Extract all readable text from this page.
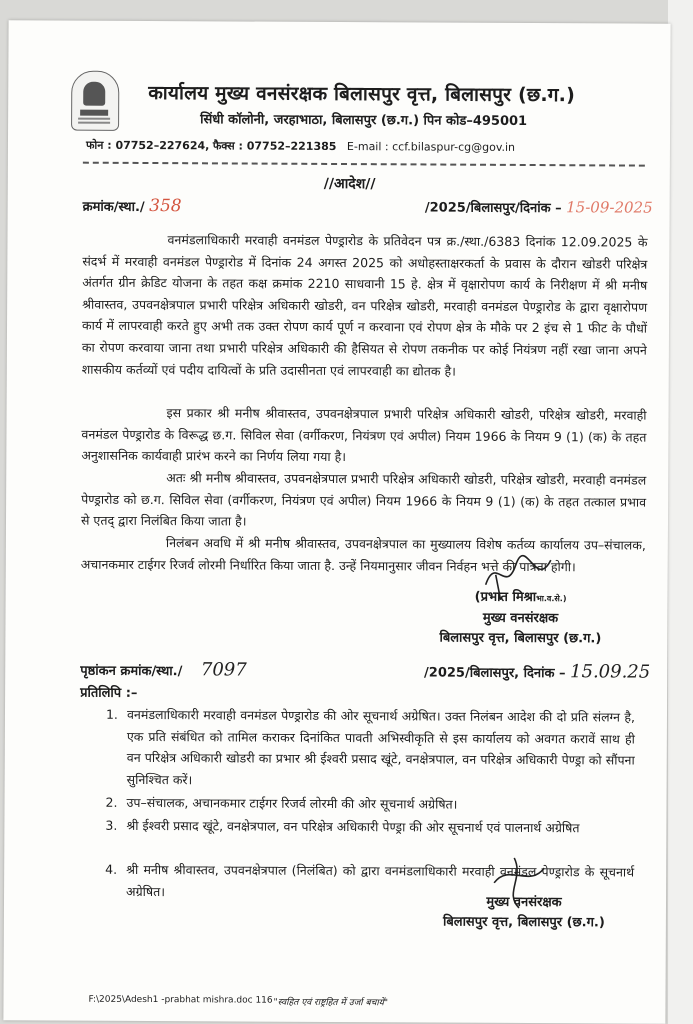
कार्यालय मुख्य वनसंरक्षक बिलासपुर वृत्त, बिलासपुर (छ.ग.)
सिंधी कॉलोनी, जरहाभाठा, बिलासपुर (छ.ग.) पिन कोड–495001
फोन : 07752–227624, फैक्स : 07752–221385 E-mail : ccf.bilaspur-cg@gov.in
//आदेश//
क्रमांक/स्था./ 358	/2025/बिलासपुर/दिनांक – 15-09-2025
वनमंडलाधिकारी मरवाही वनमंडल पेण्ड्रारोड के प्रतिवेदन पत्र क्र./स्था./6383 दिनांक 12.09.2025 के संदर्भ में मरवाही वनमंडल पेण्ड्रारोड में दिनांक 24 अगस्त 2025 को अधोहस्ताक्षरकर्ता के प्रवास के दौरान खोडरी परिक्षेत्र अंतर्गत ग्रीन क्रेडिट योजना के तहत कक्ष क्रमांक 2210 साधवानी 15 हे. क्षेत्र में वृक्षारोपण कार्य के निरीक्षण में श्री मनीष श्रीवास्तव, उपवनक्षेत्रपाल प्रभारी परिक्षेत्र अधिकारी खोडरी, वन परिक्षेत्र खोडरी, मरवाही वनमंडल पेण्ड्रारोड के द्वारा वृक्षारोपण कार्य में लापरवाही करते हुए अभी तक उक्त रोपण कार्य पूर्ण न करवाना एवं रोपण क्षेत्र के मौके पर 2 इंच से 1 फीट के पौधों का रोपण करवाया जाना तथा प्रभारी परिक्षेत्र अधिकारी की हैसियत से रोपण तकनीक पर कोई नियंत्रण नहीं रखा जाना अपने शासकीय कर्तव्यों एवं पदीय दायित्वों के प्रति उदासीनता एवं लापरवाही का द्योतक है।
इस प्रकार श्री मनीष श्रीवास्तव, उपवनक्षेत्रपाल प्रभारी परिक्षेत्र अधिकारी खोडरी, परिक्षेत्र खोडरी, मरवाही वनमंडल पेण्ड्रारोड के विरूद्ध छ.ग. सिविल सेवा (वर्गीकरण, नियंत्रण एवं अपील) नियम 1966 के नियम 9 (1) (क) के तहत अनुशासनिक कार्यवाही प्रारंभ करने का निर्णय लिया गया है।
अतः श्री मनीष श्रीवास्तव, उपवनक्षेत्रपाल प्रभारी परिक्षेत्र अधिकारी खोडरी, परिक्षेत्र खोडरी, मरवाही वनमंडल पेण्ड्रारोड को छ.ग. सिविल सेवा (वर्गीकरण, नियंत्रण एवं अपील) नियम 1966 के नियम 9 (1) (क) के तहत तत्काल प्रभाव से एतद् द्वारा निलंबित किया जाता है।
निलंबन अवधि में श्री मनीष श्रीवास्तव, उपवनक्षेत्रपाल का मुख्यालय विशेष कर्तव्य कार्यालय उप–संचालक, अचानकमार टाईगर रिजर्व लोरमी निर्धारित किया जाता है. उन्हें नियमानुसार जीवन निर्वहन भत्ते की पात्रता होगी।
(प्रभात मिश्राभा.व.से.)
मुख्य वनसंरक्षक
बिलासपुर वृत्त, बिलासपुर (छ.ग.)
पृष्ठांकन क्रमांक/स्था./ 7097	/2025/बिलासपुर, दिनांक – 15.09.25
प्रतिलिपि :–
1. वनमंडलाधिकारी मरवाही वनमंडल पेण्ड्रारोड की ओर सूचनार्थ अग्रेषित। उक्त निलंबन आदेश की दो प्रति संलग्न है, एक प्रति संबंधित को तामिल कराकर दिनांकित पावती अभिस्वीकृति से इस कार्यालय को अवगत करावें साथ ही वन परिक्षेत्र अधिकारी खोडरी का प्रभार श्री ईश्वरी प्रसाद खूंटे, वनक्षेत्रपाल, वन परिक्षेत्र अधिकारी पेण्ड्रा को सौंपना सुनिश्चित करें।
2. उप–संचालक, अचानकमार टाईगर रिजर्व लोरमी की ओर सूचनार्थ अग्रेषित।
3. श्री ईश्वरी प्रसाद खूंटे, वनक्षेत्रपाल, वन परिक्षेत्र अधिकारी पेण्ड्रा की ओर सूचनार्थ एवं पालनार्थ अग्रेषित
4. श्री मनीष श्रीवास्तव, उपवनक्षेत्रपाल (निलंबित) को द्वारा वनमंडलाधिकारी मरवाही वनमंडल पेण्ड्रारोड के सूचनार्थ अग्रेषित।
मुख्य वनसंरक्षक
बिलासपुर वृत्त, बिलासपुर (छ.ग.)
F:\2025\Adesh1 -prabhat mishra.doc 116 "स्वहित एवं राष्ट्रहित में उर्जा बचायें"
